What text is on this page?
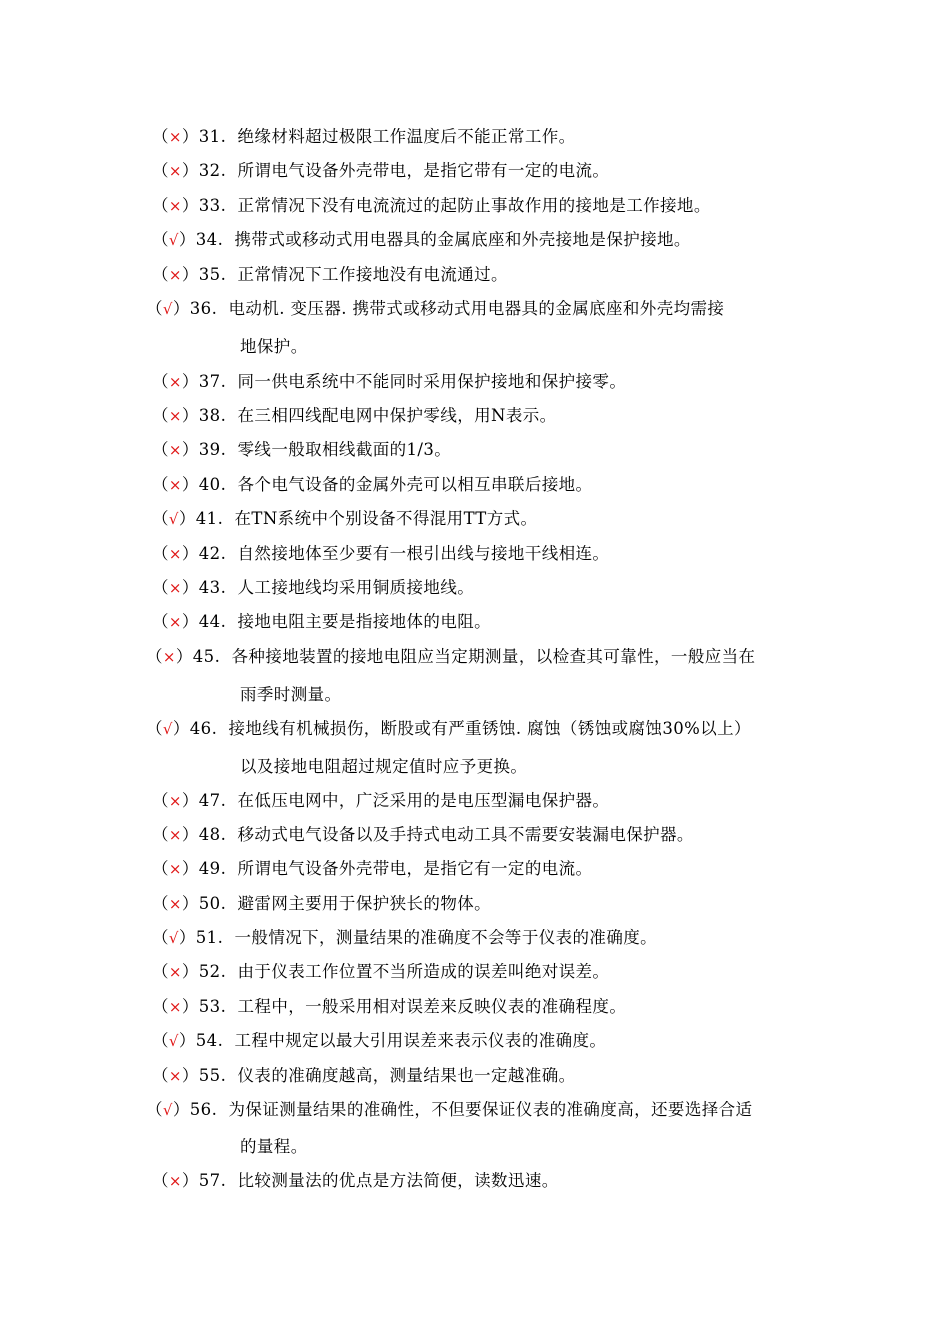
（×）31. 绝缘材料超过极限工作温度后不能正常工作。
（×）32. 所谓电气设备外壳带电，是指它带有一定的电流。
（×）33. 正常情况下没有电流流过的起防止事故作用的接地是工作接地。
（√）34. 携带式或移动式用电器具的金属底座和外壳接地是保护接地。
（×）35. 正常情况下工作接地没有电流通过。
（√）36. 电动机. 变压器. 携带式或移动式用电器具的金属底座和外壳均需接
地保护。
（×）37. 同一供电系统中不能同时采用保护接地和保护接零。
（×）38. 在三相四线配电网中保护零线，用N表示。
（×）39. 零线一般取相线截面的1/3。
（×）40. 各个电气设备的金属外壳可以相互串联后接地。
（√）41. 在TN系统中个别设备不得混用TT方式。
（×）42. 自然接地体至少要有一根引出线与接地干线相连。
（×）43. 人工接地线均采用铜质接地线。
（×）44. 接地电阻主要是指接地体的电阻。
（×）45. 各种接地装置的接地电阻应当定期测量，以检查其可靠性，一般应当在
雨季时测量。
（√）46. 接地线有机械损伤，断股或有严重锈蚀. 腐蚀（锈蚀或腐蚀30%以上）
以及接地电阻超过规定值时应予更换。
（×）47. 在低压电网中，广泛采用的是电压型漏电保护器。
（×）48. 移动式电气设备以及手持式电动工具不需要安装漏电保护器。
（×）49. 所谓电气设备外壳带电，是指它有一定的电流。
（×）50. 避雷网主要用于保护狭长的物体。
（√）51. 一般情况下，测量结果的准确度不会等于仪表的准确度。
（×）52. 由于仪表工作位置不当所造成的误差叫绝对误差。
（×）53. 工程中，一般采用相对误差来反映仪表的准确程度。
（√）54. 工程中规定以最大引用误差来表示仪表的准确度。
（×）55. 仪表的准确度越高，测量结果也一定越准确。
（√）56. 为保证测量结果的准确性，不但要保证仪表的准确度高，还要选择合适
的量程。
（×）57. 比较测量法的优点是方法简便，读数迅速。
